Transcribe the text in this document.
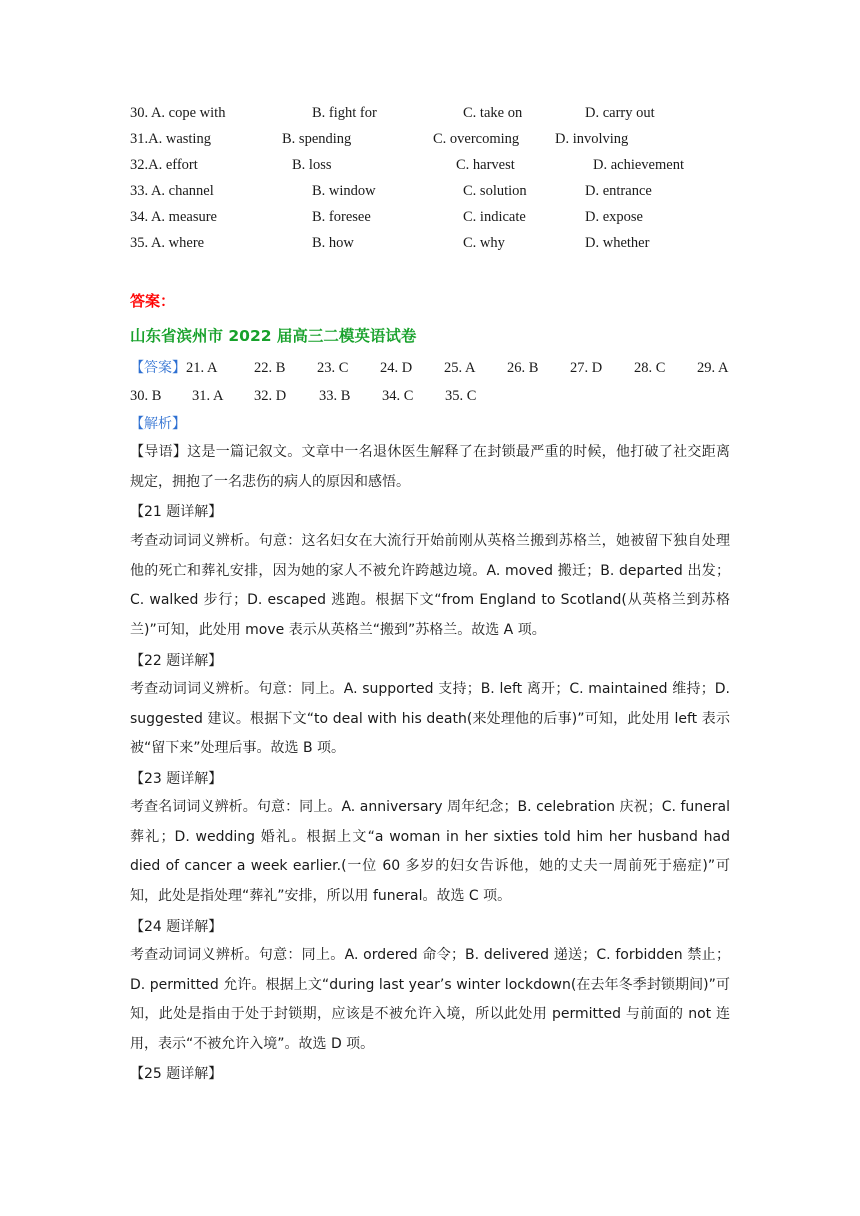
30. A. cope with	B. fight for	C. take on	D. carry out
31.A. wasting	B. spending	C. overcoming D. involving
32.A. effort	B. loss	C. harvest	D. achievement
33. A. channel	B. window	C. solution	D. entrance
34. A. measure	B. foresee	C. indicate	D. expose
35. A. where	B. how	C. why	D. whether
答案：
山东省滨州市 2022 届高三二模英语试卷
【答案】 21. A	22. B 23. C 24. D 25. A 26. B 27. D 28. C 29. A
30. B 31. A 32. D 33. B 34. C 35. C
【解析】
【导语】这是一篇记叙文。文章中一名退休医生解释了在封锁最严重的时候，他打破了社交距离规定，拥抱了一名悲伤的病人的原因和感悟。
【21 题详解】
考查动词词义辨析。句意：这名妇女在大流行开始前刚从英格兰搬到苏格兰，她被留下独自处理他的死亡和葬礼安排，因为她的家人不被允许跨越边境。A. moved 搬迁；B. departed 出发；C. walked 步行；D. escaped 逃跑。根据下文“from England to Scotland(从英格兰到苏格兰)”可知，此处用 move 表示从英格兰“搬到”苏格兰。故选 A 项。
【22 题详解】
考查动词词义辨析。句意：同上。A. supported 支持；B. left 离开；C. maintained 维持；D. suggested 建议。根据下文“to deal with his death(来处理他的后事)”可知，此处用 left 表示被“留下来”处理后事。故选 B 项。
【23 题详解】
考查名词词义辨析。句意：同上。A. anniversary 周年纪念；B. celebration 庆祝；C. funeral 葬礼；D. wedding 婚礼。根据上文“a woman in her sixties told him her husband had died of cancer a week earlier.(一位 60 多岁的妇女告诉他，她的丈夫一周前死于癌症)”可知，此处是指处理“葬礼”安排，所以用 funeral。故选 C 项。
【24 题详解】
考查动词词义辨析。句意：同上。A. ordered 命令；B. delivered 递送；C. forbidden 禁止；D. permitted 允许。根据上文“during last year’s winter lockdown(在去年冬季封锁期间)”可知，此处是指由于处于封锁期，应该是不被允许入境，所以此处用 permitted 与前面的 not 连用，表示“不被允许入境”。故选 D 项。
【25 题详解】
